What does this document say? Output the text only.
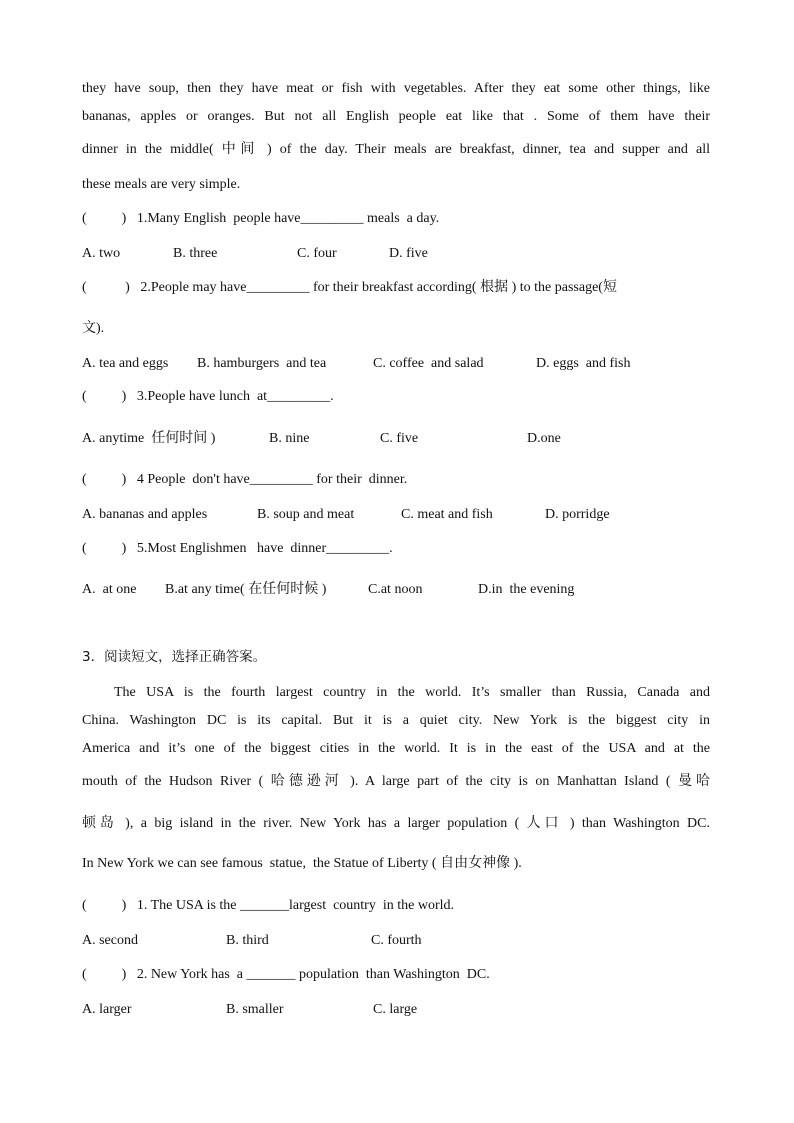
they have soup, then they have meat or fish with vegetables. After they eat some other things, like
bananas, apples or oranges. But not all English people eat like that . Some of them have their
dinner in the middle( 中间 ) of the day. Their meals are breakfast, dinner, tea and supper and all
these meals are very simple.
(          )   1.Many English  people have_________ meals  a day.
A. two	B. three	C. four	D. five
(           )   2.People may have_________ for their breakfast according( 根据 ) to the passage(短
文).
A. tea and eggs B. hamburgers  and tea	C. coffee  and salad	D. eggs  and fish
(          )   3.People have lunch  at_________.
A. anytime  任何时间 )	B. nine	C. five	D.one
(          )   4 People  don't have_________ for their  dinner.
A. bananas and apples	B. soup and meat	C. meat and fish	D. porridge
(          )   5.Most Englishmen   have  dinner_________.
A.  at one B.at any time( 在任何时候 )	C.at noon	D.in  the evening
3．阅读短文，选择正确答案。
The USA is the fourth largest country in the world. It’s smaller than Russia, Canada and
China. Washington DC is its capital. But it is a quiet city. New York is the biggest city in
America and it’s one of the biggest cities in the world. It is in the east of the USA and at the
mouth of the Hudson River ( 哈德逊河 ). A large part of the city is on Manhattan Island ( 曼哈
顿岛 ), a big island in the river. New York has a larger population ( 人口 ) than Washington DC.
In New York we can see famous  statue,  the Statue of Liberty ( 自由女神像 ).
(          )   1. The USA is the _______largest  country  in the world.
A. second	B. third	C. fourth
(          )   2. New York has  a _______ population  than Washington  DC.
A. larger	B. smaller	C. large
